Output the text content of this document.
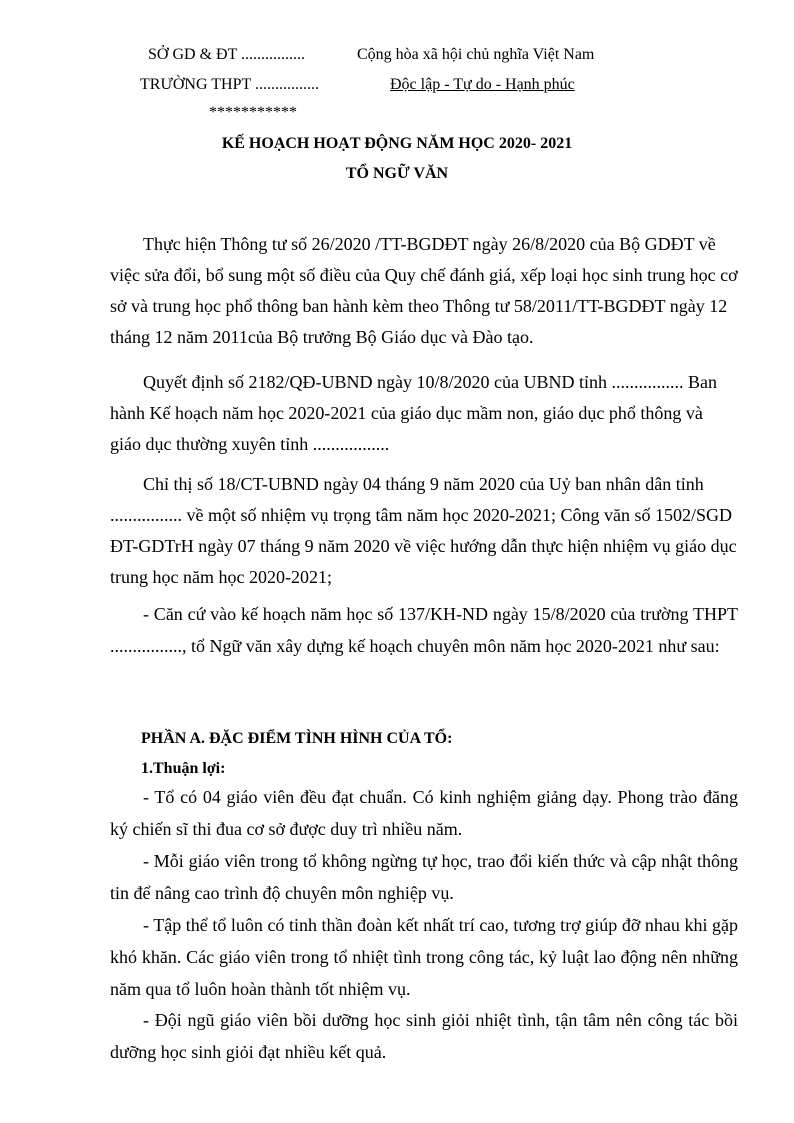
SỞ GD & ĐT ................	Cộng hòa xã hội chủ nghĩa Việt Nam
TRƯỜNG THPT ................	Độc lập - Tự do - Hạnh phúc
***********
KẾ HOẠCH HOẠT ĐỘNG NĂM HỌC 2020- 2021
TỔ NGỮ VĂN

Thực hiện Thông tư số 26/2020 /TT-BGDĐT ngày 26/8/2020 của Bộ GDĐT về việc sửa đổi, bổ sung một số điều của Quy chế đánh giá, xếp loại học sinh trung học cơ sở và trung học phổ thông ban hành kèm theo Thông tư 58/2011/TT-BGDĐT ngày 12 tháng 12 năm 2011của Bộ trưởng Bộ Giáo dục và Đào tạo.

Quyết định số 2182/QĐ-UBND ngày 10/8/2020 của UBND tỉnh ................ Ban hành Kế hoạch năm học 2020-2021 của giáo dục mầm non, giáo dục phổ thông và giáo dục thường xuyên tỉnh .................

Chỉ thị số 18/CT-UBND ngày 04 tháng 9 năm 2020 của Uỷ ban nhân dân tỉnh ................ về một số nhiệm vụ trọng tâm năm học 2020-2021; Công văn số 1502/SGD ĐT-GDTrH ngày 07 tháng 9 năm 2020 về việc hướng dẫn thực hiện nhiệm vụ giáo dục trung học năm học 2020-2021;

- Căn cứ vào kế hoạch năm học số 137/KH-ND ngày 15/8/2020 của trường THPT ................, tổ Ngữ văn xây dựng kế hoạch chuyên môn năm học 2020-2021 như sau:

PHẦN A. ĐẶC ĐIỂM TÌNH HÌNH CỦA TỔ:

1.Thuận lợi:

- Tổ có 04 giáo viên đều đạt chuẩn. Có kinh nghiệm giảng dạy. Phong trào đăng ký chiến sĩ thi đua cơ sở được duy trì nhiều năm.

- Mỗi giáo viên trong tổ không ngừng tự học, trao đổi kiến thức và cập nhật thông tin để nâng cao trình độ chuyên môn nghiệp vụ.

- Tập thể tổ luôn có tinh thần đoàn kết nhất trí cao, tương trợ giúp đỡ nhau khi gặp khó khăn. Các giáo viên trong tổ nhiệt tình trong công tác, kỷ luật lao động nên những năm qua tổ luôn hoàn thành tốt nhiệm vụ.

- Đội ngũ giáo viên bồi dưỡng học sinh giỏi nhiệt tình, tận tâm nên công tác bồi dưỡng học sinh giỏi đạt nhiều kết quả.
